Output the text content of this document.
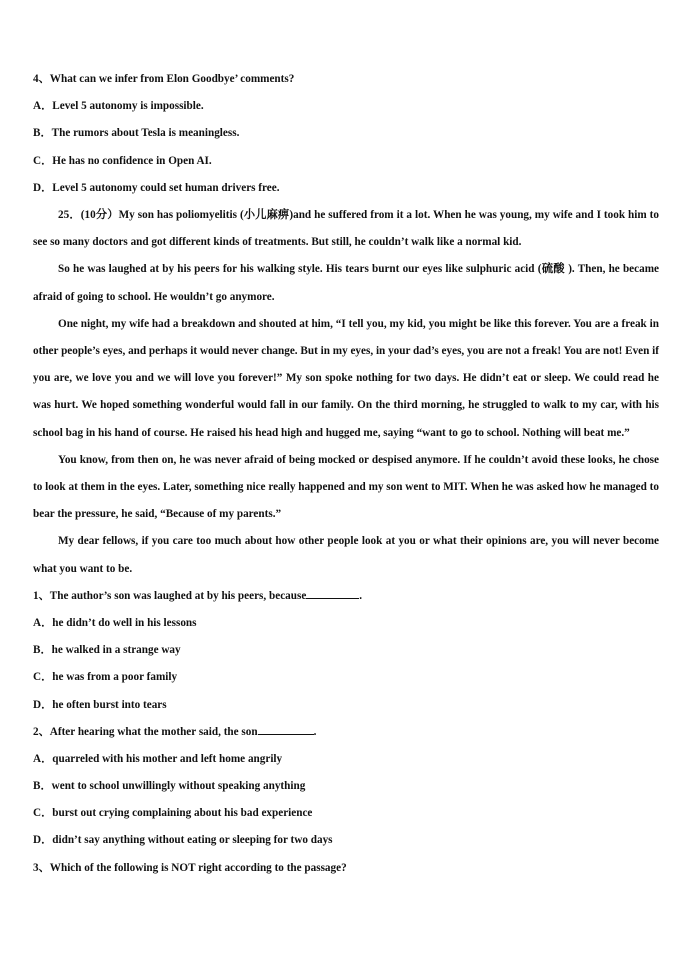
4、What can we infer from Elon Goodbye’ comments?
A．Level 5 autonomy is impossible.
B．The rumors about Tesla is meaningless.
C．He has no confidence in Open AI.
D．Level 5 autonomy could set human drivers free.

25．(10分）My son has poliomyelitis (小儿麻痹)and he suffered from it a lot. When he was young, my wife and I took him to see so many doctors and got different kinds of treatments. But still, he couldn’t walk like a normal kid.

So he was laughed at by his peers for his walking style. His tears burnt our eyes like sulphuric acid (硫酸 ). Then, he became afraid of going to school. He wouldn’t go anymore.

One night, my wife had a breakdown and shouted at him, “I tell you, my kid, you might be like this forever. You are a freak in other people’s eyes, and perhaps it would never change. But in my eyes, in your dad’s eyes, you are not a freak! You are not! Even if you are, we love you and we will love you forever!” My son spoke nothing for two days. He didn’t eat or sleep. We could read he was hurt. We hoped something wonderful would fall in our family. On the third morning, he struggled to walk to my car, with his school bag in his hand of course. He raised his head high and hugged me, saying “want to go to school. Nothing will beat me.”

You know, from then on, he was never afraid of being mocked or despised anymore. If he couldn’t avoid these looks, he chose to look at them in the eyes. Later, something nice really happened and my son went to MIT. When he was asked how he managed to bear the pressure, he said, “Because of my parents.”

My dear fellows, if you care too much about how other people look at you or what their opinions are, you will never become what you want to be.

1、The author’s son was laughed at by his peers, because	.
A．he didn’t do well in his lessons
B．he walked in a strange way
C．he was from a poor family
D．he often burst into tears
2、After hearing what the mother said, the son	.
A．quarreled with his mother and left home angrily
B．went to school unwillingly without speaking anything
C．burst out crying complaining about his bad experience
D．didn’t say anything without eating or sleeping for two days
3、Which of the following is NOT right according to the passage?
